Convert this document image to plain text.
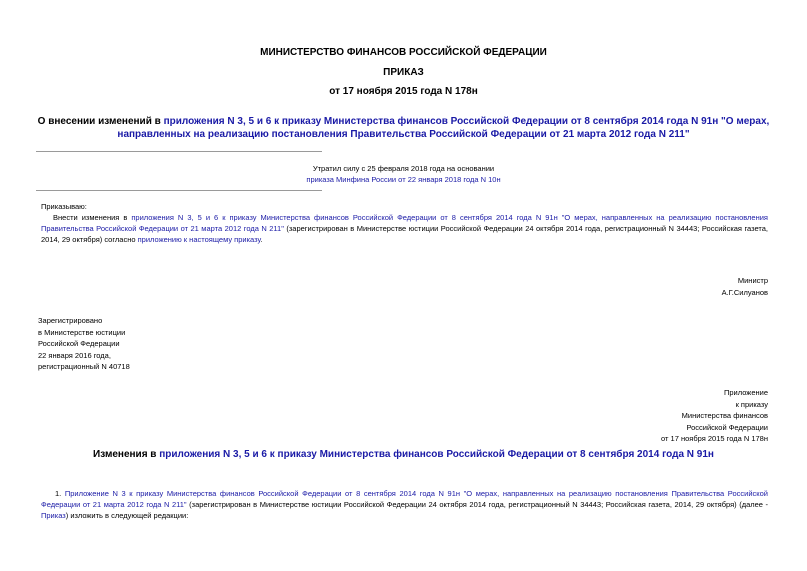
МИНИСТЕРСТВО ФИНАНСОВ РОССИЙСКОЙ ФЕДЕРАЦИИ
ПРИКАЗ
от 17 ноября 2015 года N 178н
О внесении изменений в приложения N 3, 5 и 6 к приказу Министерства финансов Российской Федерации от 8 сентября 2014 года N 91н "О мерах, направленных на реализацию постановления Правительства Российской Федерации от 21 марта 2012 года N 211"
Утратил силу с 25 февраля 2018 года на основании
приказа Минфина России от 22 января 2018 года N 10н
Приказываю:
Внести изменения в приложения N 3, 5 и 6 к приказу Министерства финансов Российской Федерации от 8 сентября 2014 года N 91н "О мерах, направленных на реализацию постановления Правительства Российской Федерации от 21 марта 2012 года N 211" (зарегистрирован в Министерстве юстиции Российской Федерации 24 октября 2014 года, регистрационный N 34443; Российская газета, 2014, 29 октября) согласно приложению к настоящему приказу.
Министр
А.Г.Силуанов
Зарегистрировано
в Министерстве юстиции
Российской Федерации
22 января 2016 года,
регистрационный N 40718
Приложение
к приказу
Министерства финансов
Российской Федерации
от 17 ноября 2015 года N 178н
Изменения в приложения N 3, 5 и 6 к приказу Министерства финансов Российской Федерации от 8 сентября 2014 года N 91н
1. Приложение N 3 к приказу Министерства финансов Российской Федерации от 8 сентября 2014 года N 91н "О мерах, направленных на реализацию постановления Правительства Российской Федерации от 21 марта 2012 года N 211" (зарегистрирован в Министерстве юстиции Российской Федерации 24 октября 2014 года, регистрационный N 34443; Российская газета, 2014, 29 октября) (далее - Приказ) изложить в следующей редакции:
